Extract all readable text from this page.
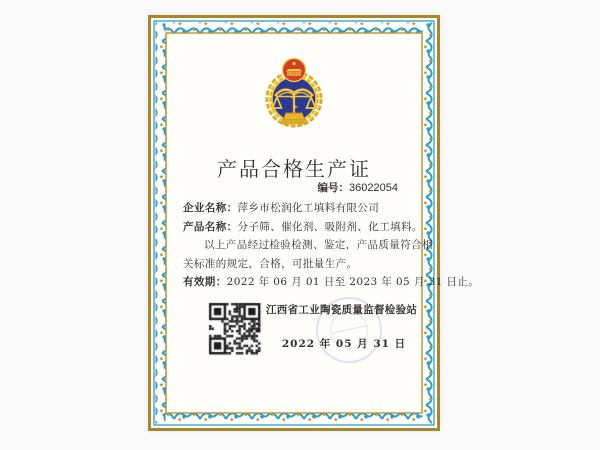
产品合格生产证
编号：36022054
企业名称：萍乡市松润化工填料有限公司
产品名称：分子筛、催化剂、吸附剂、化工填料。
以上产品经过检验检测、鉴定，产品质量符合相
关标准的规定，合格，可批量生产。
有效期：2022 年 06 月 01 日至 2023 年 05 月 31 日止。
江西省工业陶瓷质量监督检验站
2022 年 05 月 31 日
